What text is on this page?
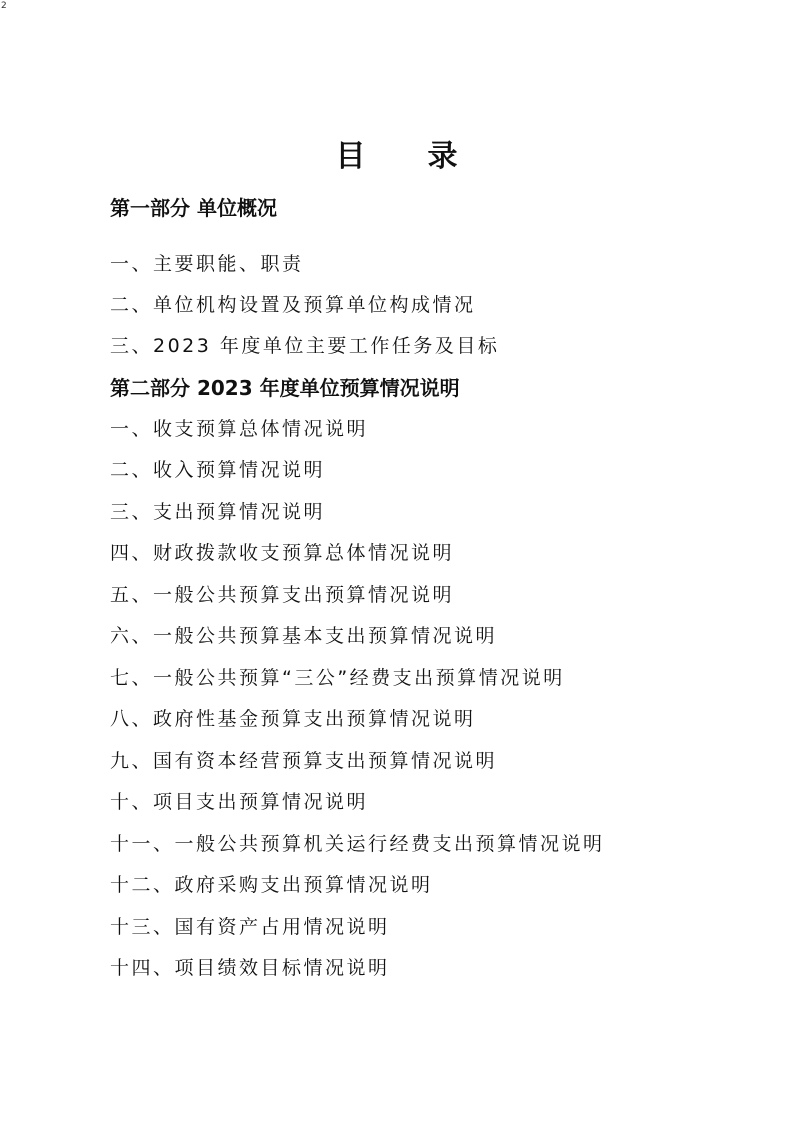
2
目录
第一部分 单位概况
一、主要职能、职责
二、单位机构设置及预算单位构成情况
三、2023 年度单位主要工作任务及目标
第二部分 2023 年度单位预算情况说明
一、收支预算总体情况说明
二、收入预算情况说明
三、支出预算情况说明
四、财政拨款收支预算总体情况说明
五、一般公共预算支出预算情况说明
六、一般公共预算基本支出预算情况说明
七、一般公共预算“三公”经费支出预算情况说明
八、政府性基金预算支出预算情况说明
九、国有资本经营预算支出预算情况说明
十、项目支出预算情况说明
十一、一般公共预算机关运行经费支出预算情况说明
十二、政府采购支出预算情况说明
十三、国有资产占用情况说明
十四、项目绩效目标情况说明
